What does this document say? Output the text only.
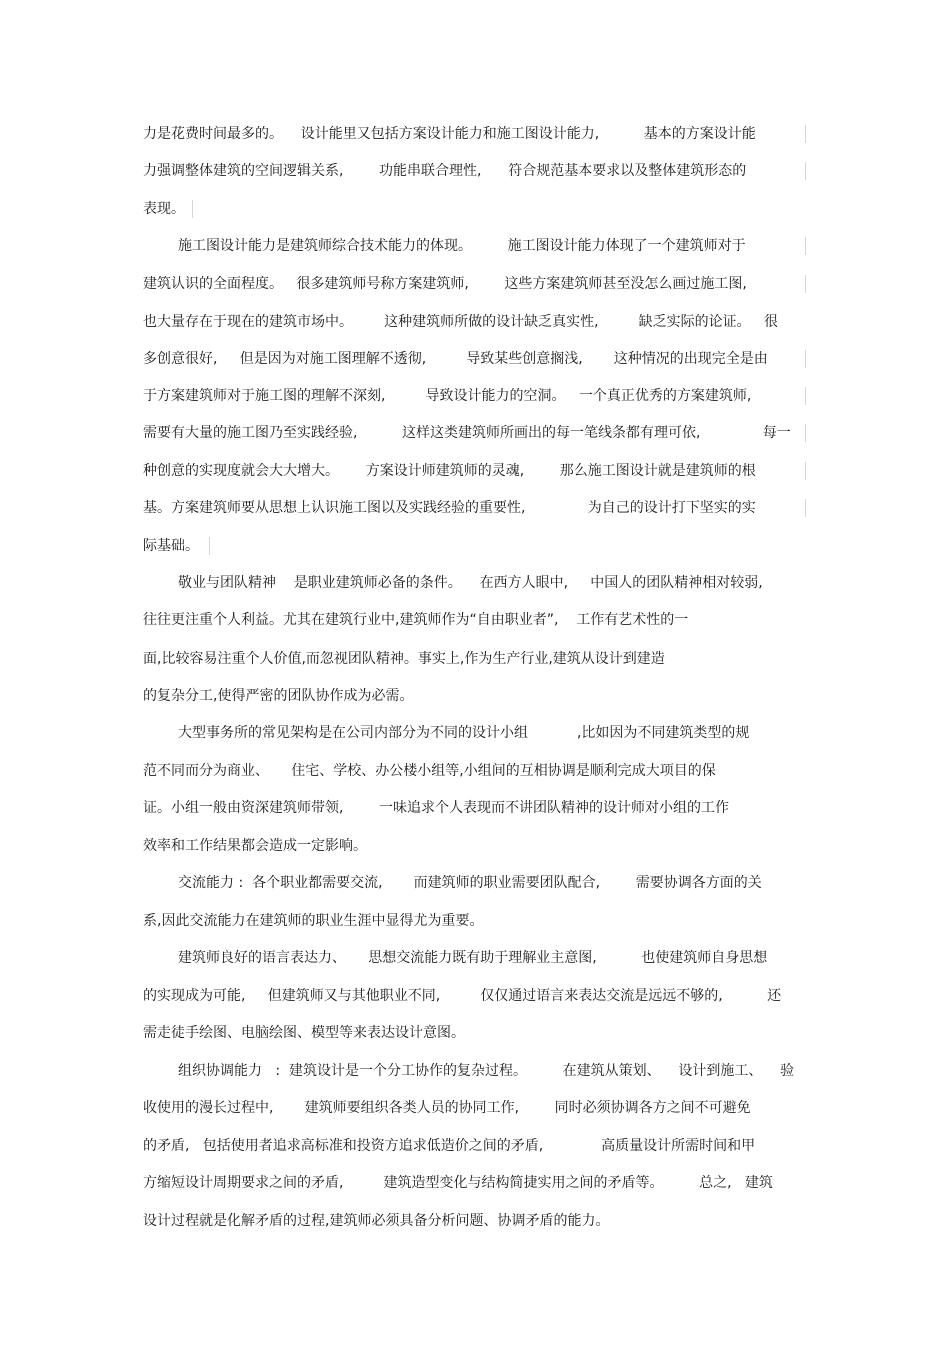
力是花费时间最多的。    设计能里又包括方案设计能力和施工图设计能力,          基本的方案设计能
力强调整体建筑的空间逻辑关系,        功能串联合理性,      符合规范基本要求以及整体建筑形态的
表现。
施工图设计能力是建筑师综合技术能力的体现。        施工图设计能力体现了一个建筑师对于
建筑认识的全面程度。   很多建筑师号称方案建筑师,        这些方案建筑师甚至没怎么画过施工图,
也大量存在于现在的建筑市场中。       这种建筑师所做的设计缺乏真实性,         缺乏实际的论证。   很
多创意很好,     但是因为对施工图理解不透彻,         导致某些创意搁浅,       这种情况的出现完全是由
于方案建筑师对于施工图的理解不深刻,         导致设计能力的空洞。   一个真正优秀的方案建筑师,
需要有大量的施工图乃至实践经验,          这样这类建筑师所画出的每一笔线条都有理可依,              每一
种创意的实现度就会大大增大。      方案设计师建筑师的灵魂,        那么施工图设计就是建筑师的根
基。方案建筑师要从思想上认识施工图以及实践经验的重要性,              为自己的设计打下坚实的实
际基础。
敬业与团队精神    是职业建筑师必备的条件。    在西方人眼中,     中国人的团队精神相对较弱,
往往更注重个人利益。尤其在建筑行业中,建筑师作为“自由职业者”,    工作有艺术性的一
面,比较容易注重个人价值,而忽视团队精神。事实上,作为生产行业,建筑从设计到建造
的复杂分工,使得严密的团队协作成为必需。
大型事务所的常见架构是在公司内部分为不同的设计小组           ,比如因为不同建筑类型的规
范不同而分为商业、     住宅、学校、办公楼小组等,小组间的互相协调是顺利完成大项目的保
证。小组一般由资深建筑师带领,        一味追求个人表现而不讲团队精神的设计师对小组的工作
效率和工作结果都会造成一定影响。
交流能力 :  各个职业都需要交流,       而建筑师的职业需要团队配合,        需要协调各方面的关
系,因此交流能力在建筑师的职业生涯中显得尤为重要。
建筑师良好的语言表达力、     思想交流能力既有助于理解业主意图,          也使建筑师自身思想
的实现成为可能,     但建筑师又与其他职业不同,         仅仅通过语言来表达交流是远远不够的,          还
需走徒手绘图、电脑绘图、模型等来表达设计意图。
组织协调能力   :  建筑设计是一个分工协作的复杂过程。        在建筑从策划、    设计到施工、    验
收使用的漫长过程中,       建筑师要组织各类人员的协同工作,        同时必须协调各方之间不可避免
的矛盾,   包括使用者追求高标准和投资方追求低造价之间的矛盾,             高质量设计所需时间和甲
方缩短设计周期要求之间的矛盾,         建筑造型变化与结构简捷实用之间的矛盾等。        总之,   建筑
设计过程就是化解矛盾的过程,建筑师必须具备分析问题、协调矛盾的能力。
